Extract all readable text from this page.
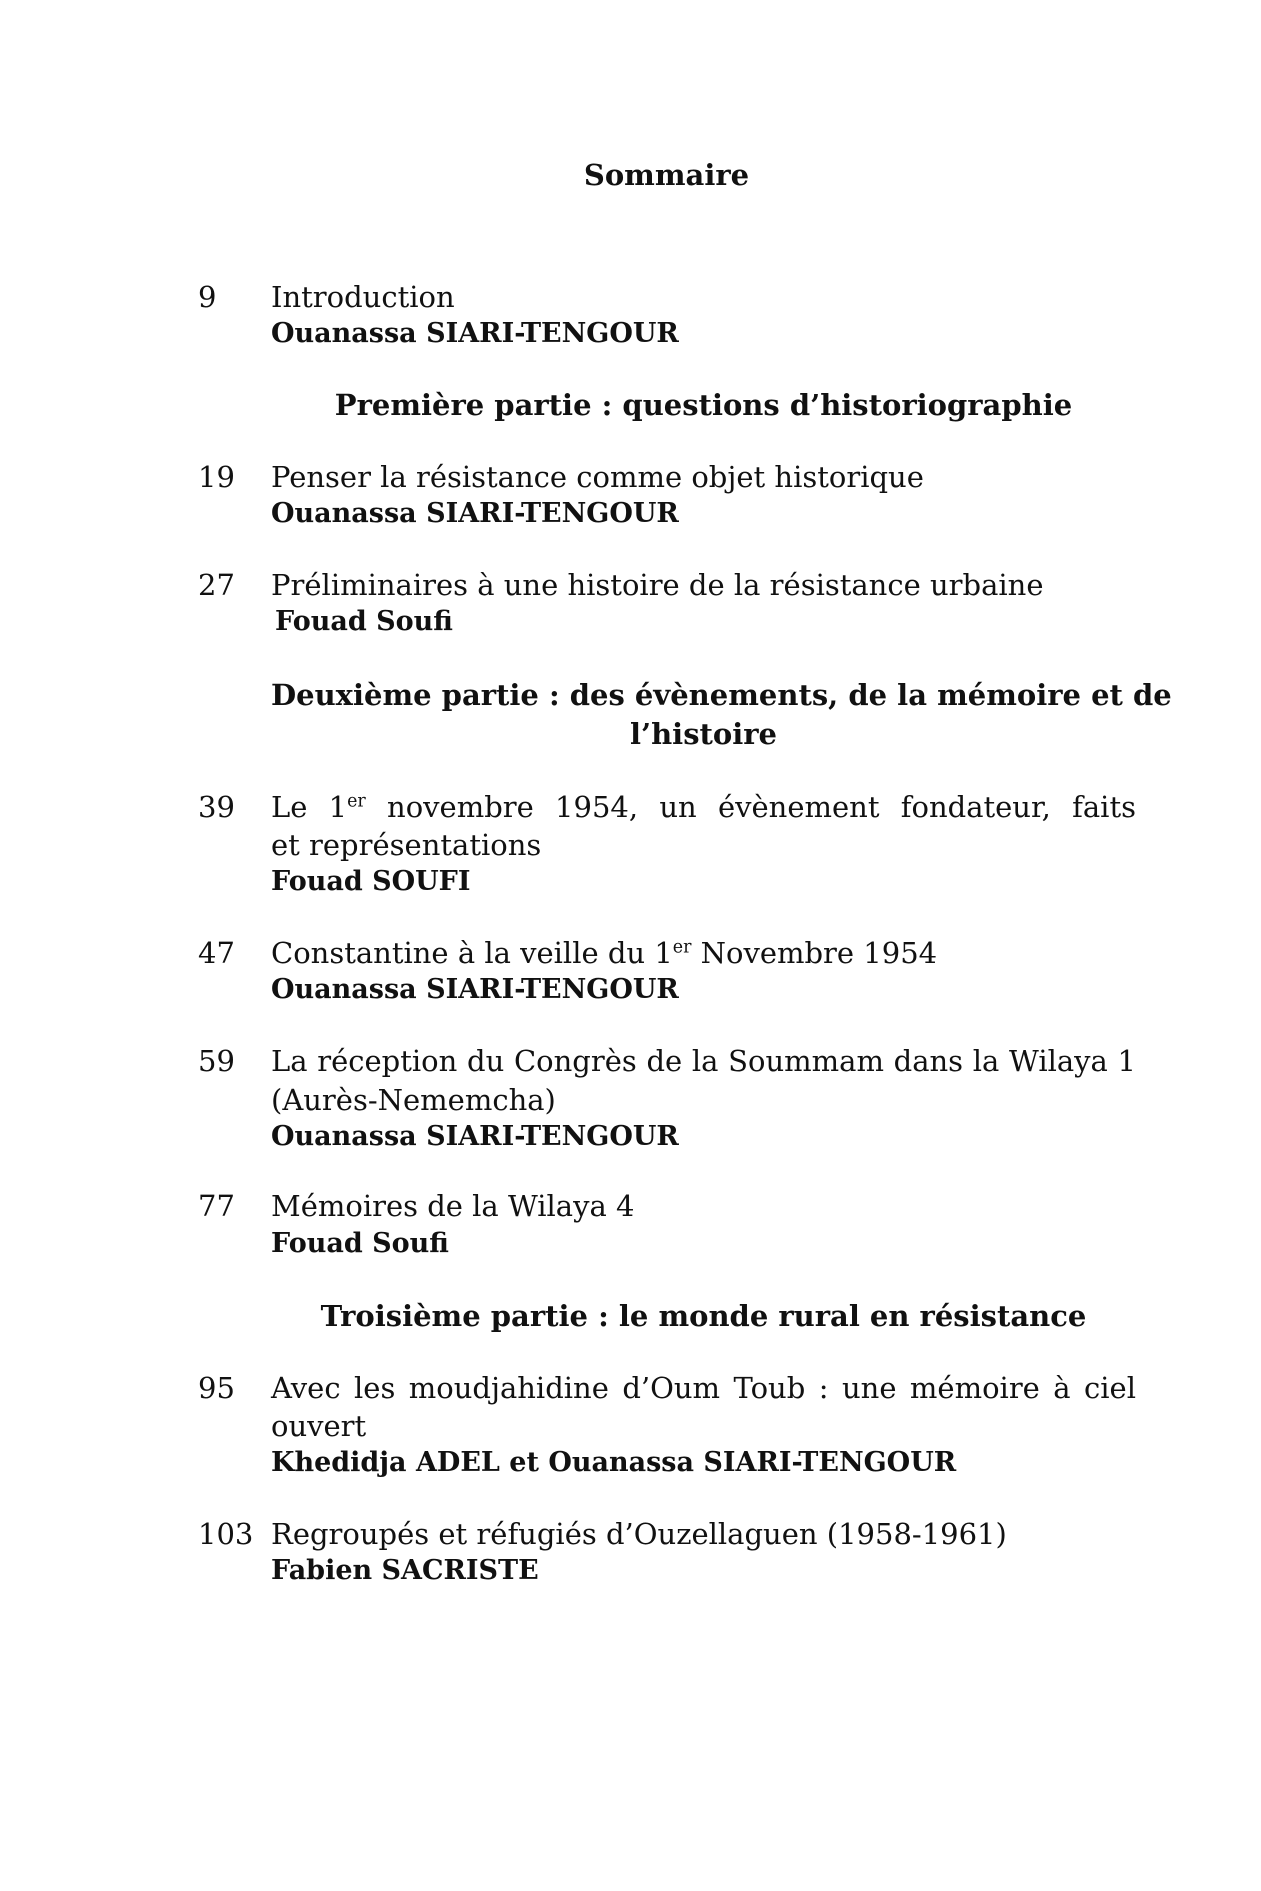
Sommaire
9 Introduction
Ouanassa SIARI-TENGOUR
Première partie : questions d’historiographie
19 Penser la résistance comme objet historique
Ouanassa SIARI-TENGOUR
27 Préliminaires à une histoire de la résistance urbaine
Fouad Soufi
Deuxième partie : des évènements, de la mémoire et de
l’histoire
39 Le 1er novembre 1954, un évènement fondateur, faits
et représentations
Fouad SOUFI
47 Constantine à la veille du 1er Novembre 1954
Ouanassa SIARI-TENGOUR
59 La réception du Congrès de la Soummam dans la Wilaya 1
(Aurès-Nememcha)
Ouanassa SIARI-TENGOUR
77 Mémoires de la Wilaya 4
Fouad Soufi
Troisième partie : le monde rural en résistance
95 Avec les moudjahidine d’Oum Toub : une mémoire à ciel
ouvert
Khedidja ADEL et Ouanassa SIARI-TENGOUR
103 Regroupés et réfugiés d’Ouzellaguen (1958-1961)
Fabien SACRISTE
